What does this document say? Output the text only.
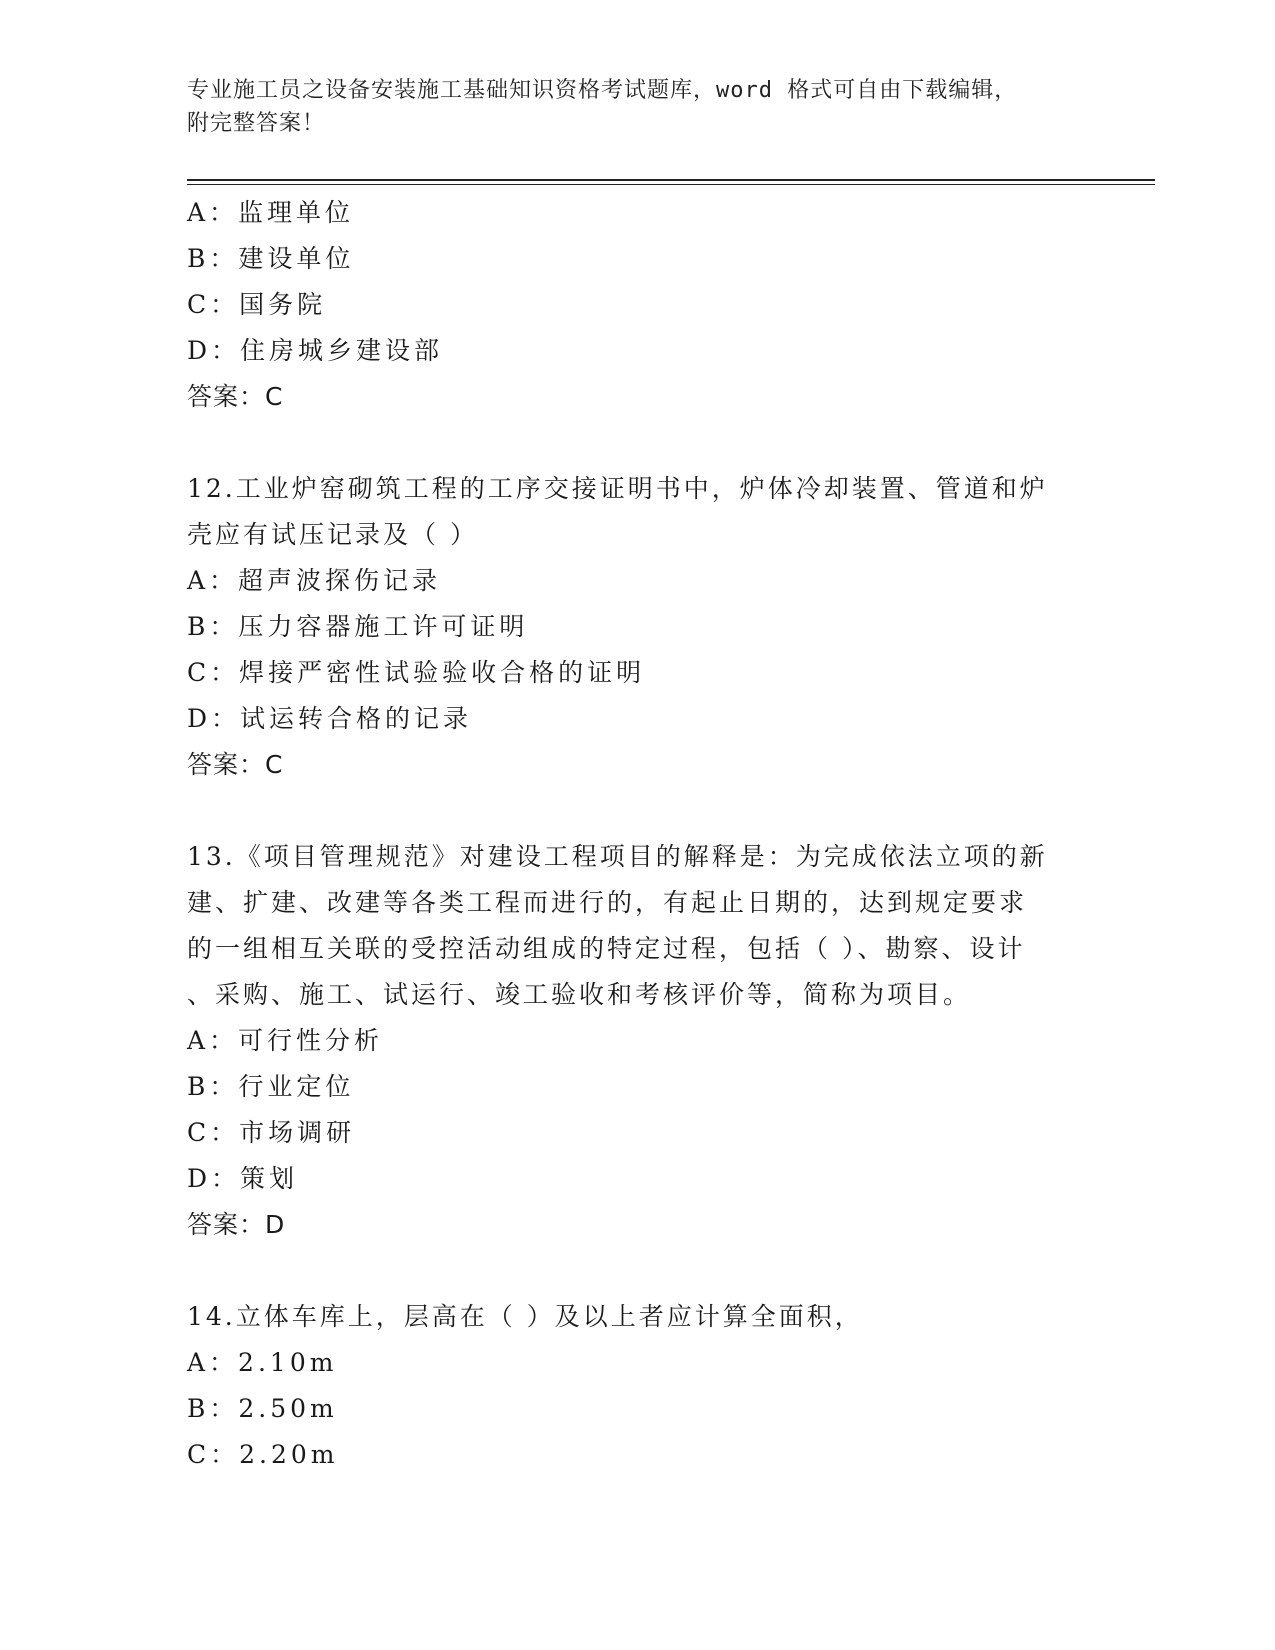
专业施工员之设备安装施工基础知识资格考试题库，word 格式可自由下载编辑，
附完整答案！
A：监理单位
B：建设单位
C：国务院
D：住房城乡建设部
答案：C
12.工业炉窑砌筑工程的工序交接证明书中，炉体冷却装置、管道和炉
壳应有试压记录及（ ）
A：超声波探伤记录
B：压力容器施工许可证明
C：焊接严密性试验验收合格的证明
D：试运转合格的记录
答案：C
13.《项目管理规范》对建设工程项目的解释是：为完成依法立项的新
建、扩建、改建等各类工程而进行的，有起止日期的，达到规定要求
的一组相互关联的受控活动组成的特定过程，包括（ ）、勘察、设计
、采购、施工、试运行、竣工验收和考核评价等，简称为项目。
A：可行性分析
B：行业定位
C：市场调研
D：策划
答案：D
14.立体车库上，层高在（ ）及以上者应计算全面积，
A：2.10m
B：2.50m
C：2.20m
